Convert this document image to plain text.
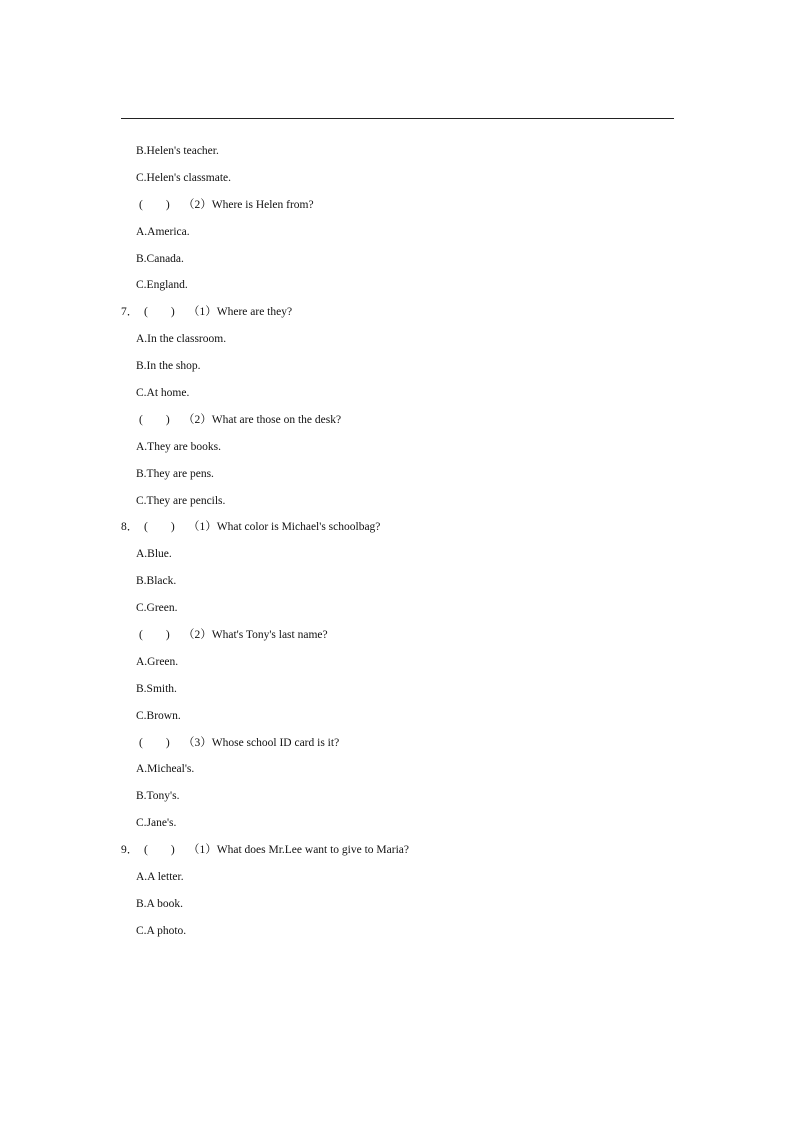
B.Helen's teacher.
C.Helen's classmate.
(　　) （2）Where is Helen from?
A.America.
B.Canada.
C.England.
7． (　　) （1）Where are they?
A.In the classroom.
B.In the shop.
C.At home.
(　　) （2）What are those on the desk?
A.They are books.
B.They are pens.
C.They are pencils.
8． (　　) （1）What color is Michael's schoolbag?
A.Blue.
B.Black.
C.Green.
(　　) （2）What's Tony's last name?
A.Green.
B.Smith.
C.Brown.
(　　) （3）Whose school ID card is it?
A.Micheal's.
B.Tony's.
C.Jane's.
9． (　　) （1）What does Mr.Lee want to give to Maria?
A.A letter.
B.A book.
C.A photo.
